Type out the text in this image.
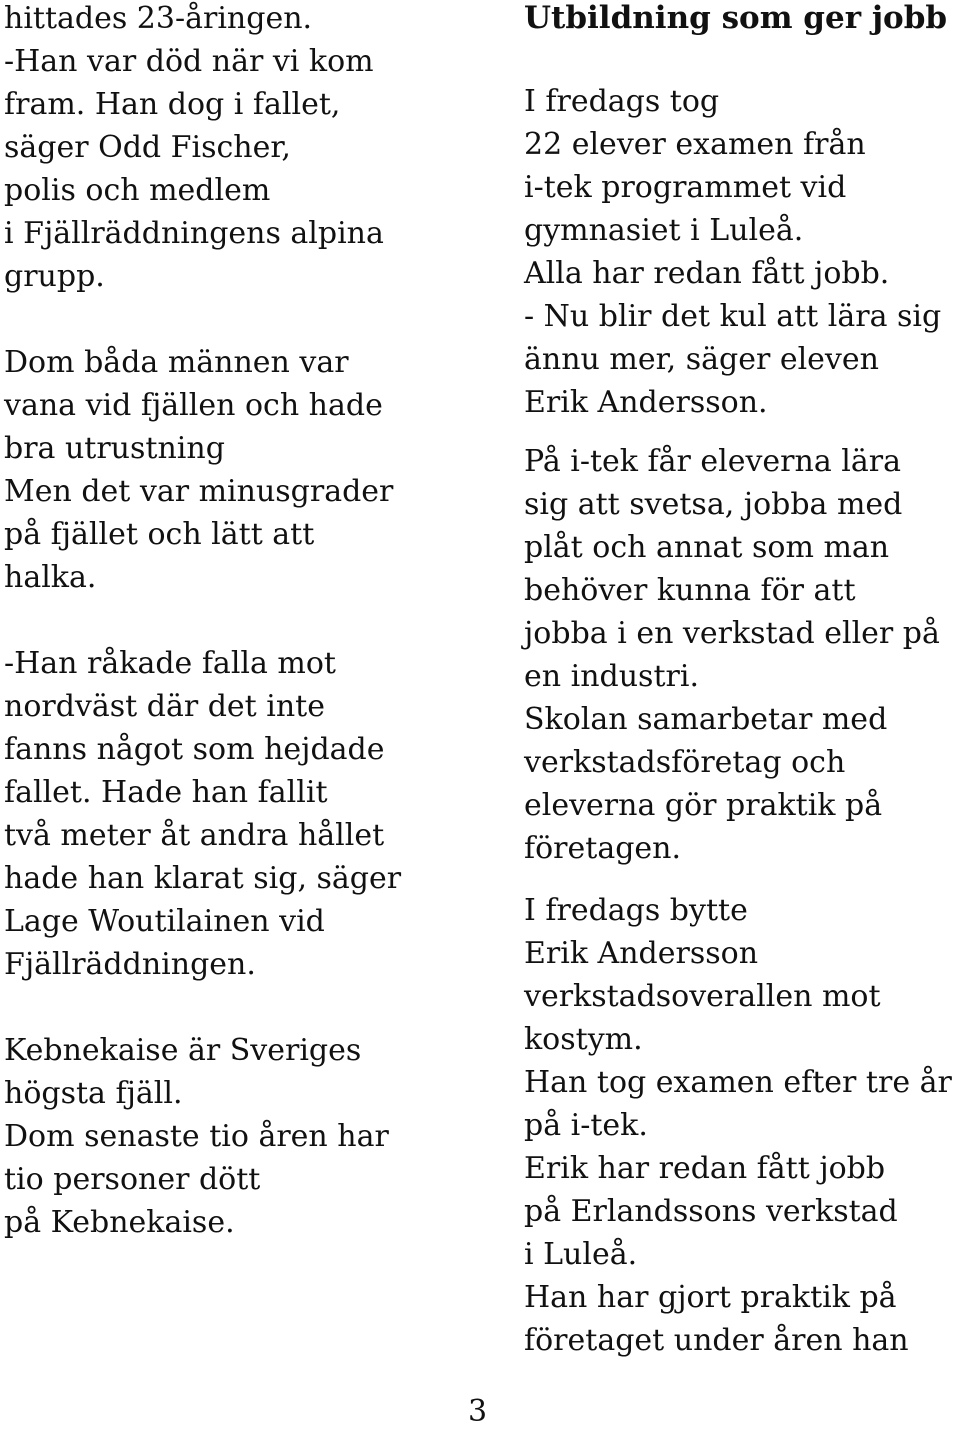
hittades 23-åringen.
-Han var död när vi kom
fram. Han dog i fallet,
säger Odd Fischer,
polis och medlem
i Fjällräddningens alpina
grupp.

Dom båda männen var
vana vid fjällen och hade
bra utrustning
Men det var minusgrader
på fjället och lätt att
halka.

-Han råkade falla mot
nordväst där det inte
fanns något som hejdade
fallet. Hade han fallit
två meter åt andra hållet
hade han klarat sig, säger
Lage Woutilainen vid
Fjällräddningen.

Kebnekaise är Sveriges
högsta fjäll.
Dom senaste tio åren har
tio personer dött
på Kebnekaise.

Utbildning som ger jobb

I fredags tog
22 elever examen från
i-tek programmet vid
gymnasiet i Luleå.
Alla har redan fått jobb.
- Nu blir det kul att lära sig
ännu mer, säger eleven
Erik Andersson.

På i-tek får eleverna lära
sig att svetsa, jobba med
plåt och annat som man
behöver kunna för att
jobba i en verkstad eller på
en industri.
Skolan samarbetar med
verkstadsföretag och
eleverna gör praktik på
företagen.

I fredags bytte
Erik Andersson
verkstadsoverallen mot
kostym.
Han tog examen efter tre år
på i-tek.
Erik har redan fått jobb
på Erlandssons verkstad
i Luleå.
Han har gjort praktik på
företaget under åren han

3
